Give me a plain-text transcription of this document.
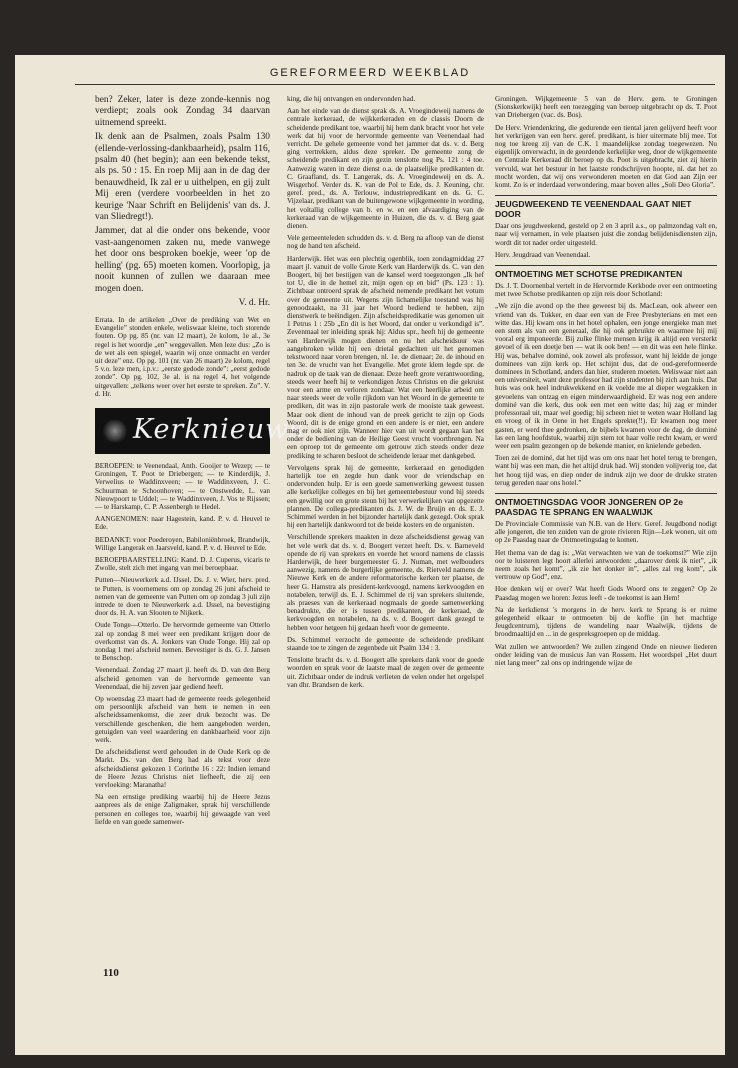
GEREFORMEERD WEEKBLAD

ben? Zeker, later is deze zonde-kennis nog verdiept; zoals ook Zondag 34 daarvan uitnemend spreekt.

Ik denk aan de Psalmen, zoals Psalm 130 (ellende-verlossing-dankbaarheid), psalm 116, psalm 40 (het begin); aan een bekende tekst, als ps. 50 : 15. En roep Mij aan in de dag der benauwdheid, Ik zal er u uithelpen, en gij zult Mij eren (verdere voorbeelden in het zo keurige 'Naar Schrift en Belijdenis' van ds. J. van Sliedregt!).

Jammer, dat al die onder ons bekende, voor vast-aangenomen zaken nu, mede vanwege het door ons besproken boekje, weer 'op de helling' (pg. 65) moeten komen. Voorlopig, ja nooit kunnen of zullen we daaraan mee mogen doen.

V. d. Hr.

Errata. In de artikelen „Over de prediking van Wet en Evangelie” stonden enkele, weliswaar kleine, toch storende fouten. Op pg. 85 (nr. van 12 maart), 2e kolom, 1e al., 3e regel is het woordje „en” weggevallen. Men leze dus: „Zo is de wet als een spiegel, waarin wij onze onmacht en verder uit deze” enz. Op pg. 101 (nr. van 26 maart) 2e kolom, regel 5 v.o. leze men, i.p.v.: „eerste gedode zonde”: „eerst gedode zonde”. Op pg. 102, 3e al. is na regel 4, het volgende uitgevallen: „telkens weer over het eerste te spreken. Zo”. V. d. Hr.

Kerknieuws

BEROEPEN: te Veenendaal, Anth. Gooijer te Wezep; — te Groningen, T. Poot te Driebergen; — te Kinderdijk, J. Verwelius te Waddinxveen; — te Waddinxveen, J. C. Schuurman te Schoonhoven; — te Onstwedde, L. van Nieuwpoort te Uddel; — te Waddinxveen, J. Vos te Rijssen; — te Harskamp, C. P. Assenbergh te Hedel.

AANGENOMEN: naar Hagestein, kand. P. v. d. Heuvel te Ede.

BEDANKT: voor Poederoyen, Babiloniënbroek, Brandwijk, Willige Langerak en Jaarsveld, kand. P. v. d. Heuvel te Ede.

BEROEPBAARSTELLING: Kand. D. J. Cuperus, vicaris te Zwolle, stelt zich met ingang van mei beroepbaar.

Putten—Nieuwerkerk a.d. IJssel. Ds. J. v. Wier, herv. pred. te Putten, is voornemens om op zondag 26 juni afscheid te nemen van de gemeente van Putten om op zondag 3 juli zijn intrede te doen te Nieuwerkerk a.d. IJssel, na bevestiging door ds. H. A. van Slooten te Nijkerk.

Oude Tonge—Otterlo. De hervormde gemeente van Otterlo zal op zondag 8 mei weer een predikant krijgen door de overkomst van ds. A. Jonkers van Oude Tonge. Hij zal op zondag 1 mei afscheid nemen. Bevestiger is ds. G. J. Jansen te Benschop.

Veenendaal. Zondag 27 maart jl. heeft ds. D. van den Berg afscheid genomen van de hervormde gemeente van Veenendaal, die hij zeven jaar gediend heeft.

Op woensdag 23 maart had de gemeente reeds gelegenheid om persoonlijk afscheid van hem te nemen in een afscheidssamenkomst, die zeer druk bezocht was. De verschillende geschenken, die hem aangeboden werden, getuigden van veel waardering en dankbaarheid voor zijn werk.

De afscheidsdienst werd gehouden in de Oude Kerk op de Markt. Ds. van den Berg had als tekst voor deze afscheidsdienst gekozen 1 Corinthe 16 : 22: Indien iemand de Heere Jezus Christus niet liefheeft, die zij een vervloeking: Maranatha!

Na een ernstige prediking waarbij hij de Heere Jezus aanprees als de enige Zaligmaker, sprak hij verschillende personen en colleges toe, waarbij hij gewaagde van veel liefde en van goede samenwer-

king, die hij ontvangen en ondervonden had.

Aan het einde van de dienst sprak ds. A. Vroegindeweij namens de centrale kerkeraad, de wijkkerkeraden en de classis Doorn de scheidende predikant toe, waarbij hij hem dank bracht voor het vele werk dat hij voor de hervormde gemeente van Veenendaal had verricht. De gehele gemeente vond het jammer dat ds. v. d. Berg ging vertrekken, aldus deze spreker. De gemeente zong de scheidende predikant en zijn gezin tenslotte nog Ps. 121 : 4 toe. Aanwezig waren in deze dienst o.a. de plaatselijke predikanten dr. C. Graafland, ds. T. Langerak, ds. A. Vroegindeweij en ds. A. Wisgerhof. Verder ds. K. van de Pol te Ede, ds. J. Keuning, chr. geref. pred., ds. A. Terlouw, industriepredikant en ds. G. C. Vijzelaar, predikant van de buitengewone wijkgemeente in wording, het voltallig college van b. en w. en een afvaardiging van de kerkeraad van de wijkgemeente in Huizen, die ds. v. d. Berg gaat dienen.

Vele gemeenteleden schudden ds. v. d. Berg na afloop van de dienst nog de hand ten afscheid.

Harderwijk. Het was een plechtig ogenblik, toen zondagmiddag 27 maart jl. vanuit de volle Grote Kerk van Harderwijk ds. C. van den Boogert, bij het bestijgen van de kansel werd toegezongen „Ik hef tot U, die in de hemel zit, mijn ogen op en bid” (Ps. 123 : 1). Zichtbaar ontroerd sprak de afscheid nemende predikant het votum over de gemeente uit. Wegens zijn lichamelijke toestand was hij genoodzaakt, na 31 jaar het Woord bediend te hebben, zijn dienstwerk te beëindigen. Zijn afscheidspredikatie was genomen uit 1 Petrus 1 : 25b „En dit is het Woord, dat onder u verkondigd is”. Zevenmaal ter inleiding sprak hij: Aldus spr., heeft hij de gemeente van Harderwijk mogen dienen en nu het afscheidsuur was aangebroken wilde hij een drietal gedachten uit het genomen tekstwoord naar voren brengen, nl. 1e. de dienaar; 2e. de inhoud en ten 3e. de vrucht van het Evangelie. Met grote klem legde spr. de nadruk op de taak van de dienaar. Deze heeft grote verantwoording, steeds weer heeft hij te verkondigen Jezus Christus en die gekruist voor een arme en verloren zondaar. Wat een heerlijke arbeid om naar steeds weer de volle rijkdom van het Woord in de gemeente te prediken, dit was in zijn pastorale werk de mooiste taak geweest. Maar ook dient de inhoud van de preek gericht te zijn op Gods Woord, dit is de enige grond en een andere is er niet, een andere mag er ook niet zijn. Wanneer hier van uit wordt gegaan kan het onder de bediening van de Heilige Geest vrucht voortbrengen. Na een oproep tot de gemeente om getrouw zich steeds onder deze prediking te scharen besloot de scheidende leraar met dankgebed.

Vervolgens sprak hij de gemeente, kerkeraad en genodigden hartelijk toe en zegde hun dank voor de vriendschap en ondervonden hulp. Er is een goede samenwerking geweest tussen alle kerkelijke colleges en bij het gemeentebestuur vond hij steeds een gewillig oor en grote steun bij het verwerkelijken van opgezette plannen. De collega-predikanten ds. J. W. de Bruijn en ds. E. J. Schimmel werden in het bijzonder hartelijk dank gezegd. Ook sprak hij een hartelijk dankwoord tot de beide kosters en de organisten.

Verschillende sprekers maakten in deze afscheidsdienst gewag van het vele werk dat ds. v. d. Boogert verzet heeft. Ds. v. Barneveld opende de rij van sprekers en voerde het woord namens de classis Harderwijk, de heer burgemeester G. J. Numan, met welbouders aanwezig, namens de burgerlijke gemeente, ds. Rietveld namens de Nieuwe Kerk en de andere reformatorische kerken ter plaatse, de heer G. Hamstra als president-kerkvoogd, namens kerkvoogden en notabelen, terwijl ds. E. J. Schimmel de rij van sprekers sluitende, als praeses van de kerkeraad nogmaals de goede samenwerking benadrukte, die er is tussen predikanten, de kerkeraad, de kerkvoogden en notabelen, na ds. v. d. Boogert dank gezegd te hebben voor hetgeen hij gedaan heeft voor de gemeente.

Ds. Schimmel verzocht de gemeente de scheidende predikant staande toe te zingen de zegenbede uit Psalm 134 : 3.

Tenslotte bracht ds. v. d. Boogert alle sprekers dank voor de goede woorden en sprak voor de laatste maal de zegen over de gemeente uit. Zichtbaar onder de indruk verlieten de velen onder het orgelspel van dhr. Brandsen de kerk.

Groningen. Wijkgemeente 5 van de Herv. gem. te Groningen (Sionskerkwijk) heeft een toezegging van beroep uitgebracht op ds. T. Poot van Driebergen (vac. ds. Bos).

De Herv. Vriendenkring, die gedurende een tiental jaren gelijverd heeft voor het verkrijgen van een herv. geref. predikant, is hier uitermate blij mee. Tot nog toe kreeg zij van de C.K. 1 maandelijkse zondag toegewezen. Nu eigenlijk onverwacht, in de geordende kerkelijke weg, door de wijkgemeente en Centrale Kerkeraad dit beroep op ds. Poot is uitgebracht, ziet zij hierin vervuld, wat het bestuur in het laatste rondschrijven hoopte, nl. dat het zo mocht worden, dat wij ons verwonderen moeten en dat God aan Zijn eer komt. Zo is er inderdaad verwondering, maar boven alles „Soli Deo Gloria”.

JEUGDWEEKEND TE VEENENDAAL GAAT NIET DOOR

Daar ons jeugdweekend, gesteld op 2 en 3 april a.s., op palmzondag valt en, naar wij vernamen, in vele plaatsen juist die zondag belijdenisdiensten zijn, wordt dit tot nader order uitgesteld.

Herv. Jeugdraad van Veenendaal.

ONTMOETING MET SCHOTSE PREDIKANTEN

Ds. J. T. Doornenbal vertelt in de Hervormde Kerkbode over een ontmoeting met twee Schotse predikanten op zijn reis door Schotland:

„We zijn die avond op the thee geweest bij ds. MacLean, ook alweer een vriend van ds. Tukker, en daar een van de Free Presbyterians en met een witte das. Hij kwam ons in het hotel ophalen, een jonge energieke man met een stem als van een generaal, die hij ook gebruikte en waarmee hij mij vooral erg imponeerde. Bij zulke flinke mensen krijg ik altijd een versterkt gevoel of ik een doetje ben — wat ik ook ben! — en dit was een hele flinke. Hij was, behalve dominé, ook zowel als professor, want hij leidde de jonge dominees van zijn kerk op. Het schijnt dus, dat de oud-gereformeerde dominees in Schotland, anders dan hier, studeren moeten. Weliswaar niet aan een universiteit, want deze professor had zijn studenten bij zich aan huis. Dat huis was ook heel indrukwekkend en ik voelde me al dieper wegzakken in gevoelens van ontzag en eigen minderwaardigheid. Er was nog een andere dominé van die kerk, dus ook een met een witte das; hij zag er minder professoraal uit, maar wel goedig; hij scheen niet te weten waar Holland lag en vroeg of ik in Oene in het Engels sprekte(!!). Er kwamen nog meer gasten, er werd thee gedronken, de bijbels kwamen voor de dag, de dominé las een lang hoofdstuk, waarbij zijn stem tot haar volle recht kwam, er werd weer een psalm gezongen op de bekende manier, en knielende gebeden.

Toen zei de dominé, dat het tijd was om ons naar het hotel terug te brengen, want hij was een man, die het altijd druk had. Wij stonden volijverig toe, dat het hoog tijd was, en diep onder de indruk zijn we door de drukke straten terug gereden naar ons hotel.”

ONTMOETINGSDAG VOOR JONGEREN OP 2e PAASDAG TE SPRANG EN WAALWIJK

De Provinciale Commissie van N.B. van de Herv. Geref. Jeugdbond nodigt alle jongeren, die ten zuiden van de grote rivieren Rijn—Lek wonen, uit om op 2e Paasdag naar de Ontmoetingsdag te komen.

Het thema van de dag is: „Wat verwachten we van de toekomst?” Wie zijn oor te luisteren legt hoort allerlei antwoorden: „daarover denk ik niet”, „ik neem zoals het komt”, „ik zie het donker in”, „alles zal reg kom”, „ik vertrouw op God”, enz.

Hoe denken wij er over? Wat heeft Gods Woord ons te zeggen? Op 2e Paasdag mogen we horen: Jezus leeft - de toekomst is aan Hem!

Na de kerkdienst 's morgens in de herv. kerk te Sprang is er ruime gelegenheid elkaar te ontmoeten bij de koffie (in het machtige Jeugdcentrum), tijdens de wandeling naar Waalwijk, tijdens de broodmaaltijd en ... in de gespreksgroepen op de middag.

Wat zullen we antwoorden? We zullen zingend Onde en nieuwe liederen onder leiding van de musicus Jan van Rossem. Het woordspel „Het duurt niet lang meer” zal ons op indringende wijze de

110
